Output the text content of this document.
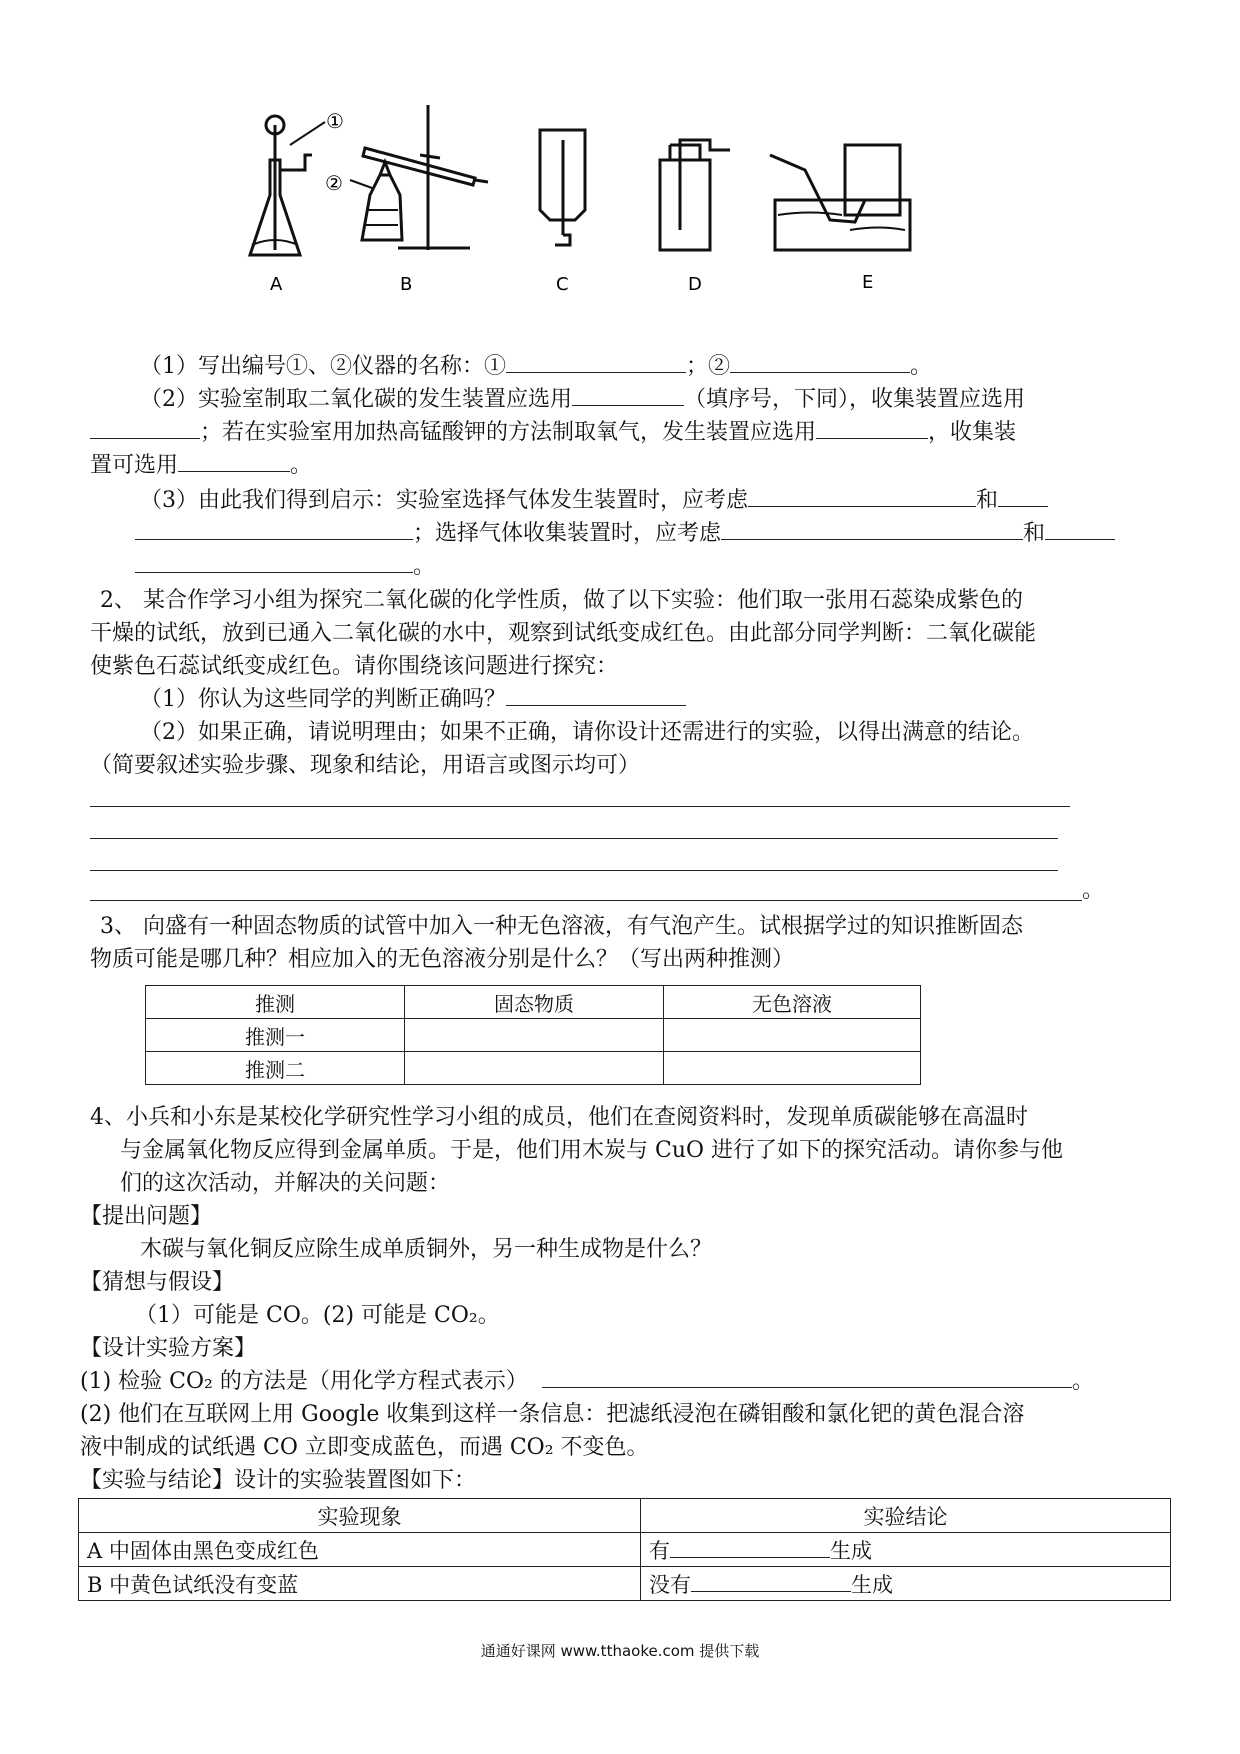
①
②
A	B	C	D	E
（1）写出编号①、②仪器的名称：①	；②	。
（2）实验室制取二氧化碳的发生装置应选用	（填序号，下同），收集装置应选用
；若在实验室用加热高锰酸钾的方法制取氧气，发生装置应选用	，收集装
置可选用	。
（3）由此我们得到启示：实验室选择气体发生装置时，应考虑	和
；选择气体收集装置时，应考虑	和
。
2、 某合作学习小组为探究二氧化碳的化学性质，做了以下实验：他们取一张用石蕊染成紫色的
干燥的试纸，放到已通入二氧化碳的水中，观察到试纸变成红色。由此部分同学判断：二氧化碳能
使紫色石蕊试纸变成红色。请你围绕该问题进行探究：
（1）你认为这些同学的判断正确吗？
（2）如果正确，请说明理由；如果不正确，请你设计还需进行的实验，以得出满意的结论。
（简要叙述实验步骤、现象和结论，用语言或图示均可）
。
3、 向盛有一种固态物质的试管中加入一种无色溶液，有气泡产生。试根据学过的知识推断固态
物质可能是哪几种？相应加入的无色溶液分别是什么？（写出两种推测）
推测	固态物质	无色溶液
推测一		
推测二		
4、小兵和小东是某校化学研究性学习小组的成员，他们在查阅资料时，发现单质碳能够在高温时
与金属氧化物反应得到金属单质。于是，他们用木炭与 CuO 进行了如下的探究活动。请你参与他
们的这次活动，并解决的关问题：
【提出问题】
木碳与氧化铜反应除生成单质铜外，另一种生成物是什么？
【猜想与假设】
（1）可能是 CO。(2) 可能是 CO₂。
【设计实验方案】
(1) 检验 CO₂ 的方法是（用化学方程式表示）	。
(2) 他们在互联网上用 Google 收集到这样一条信息：把滤纸浸泡在磷钼酸和氯化钯的黄色混合溶
液中制成的试纸遇 CO 立即变成蓝色，而遇 CO₂ 不变色。
【实验与结论】设计的实验装置图如下：
实验现象	实验结论
A 中固体由黑色变成红色	有 生成
B 中黄色试纸没有变蓝	没有 生成
通通好课网 www.tthaoke.com 提供下载
